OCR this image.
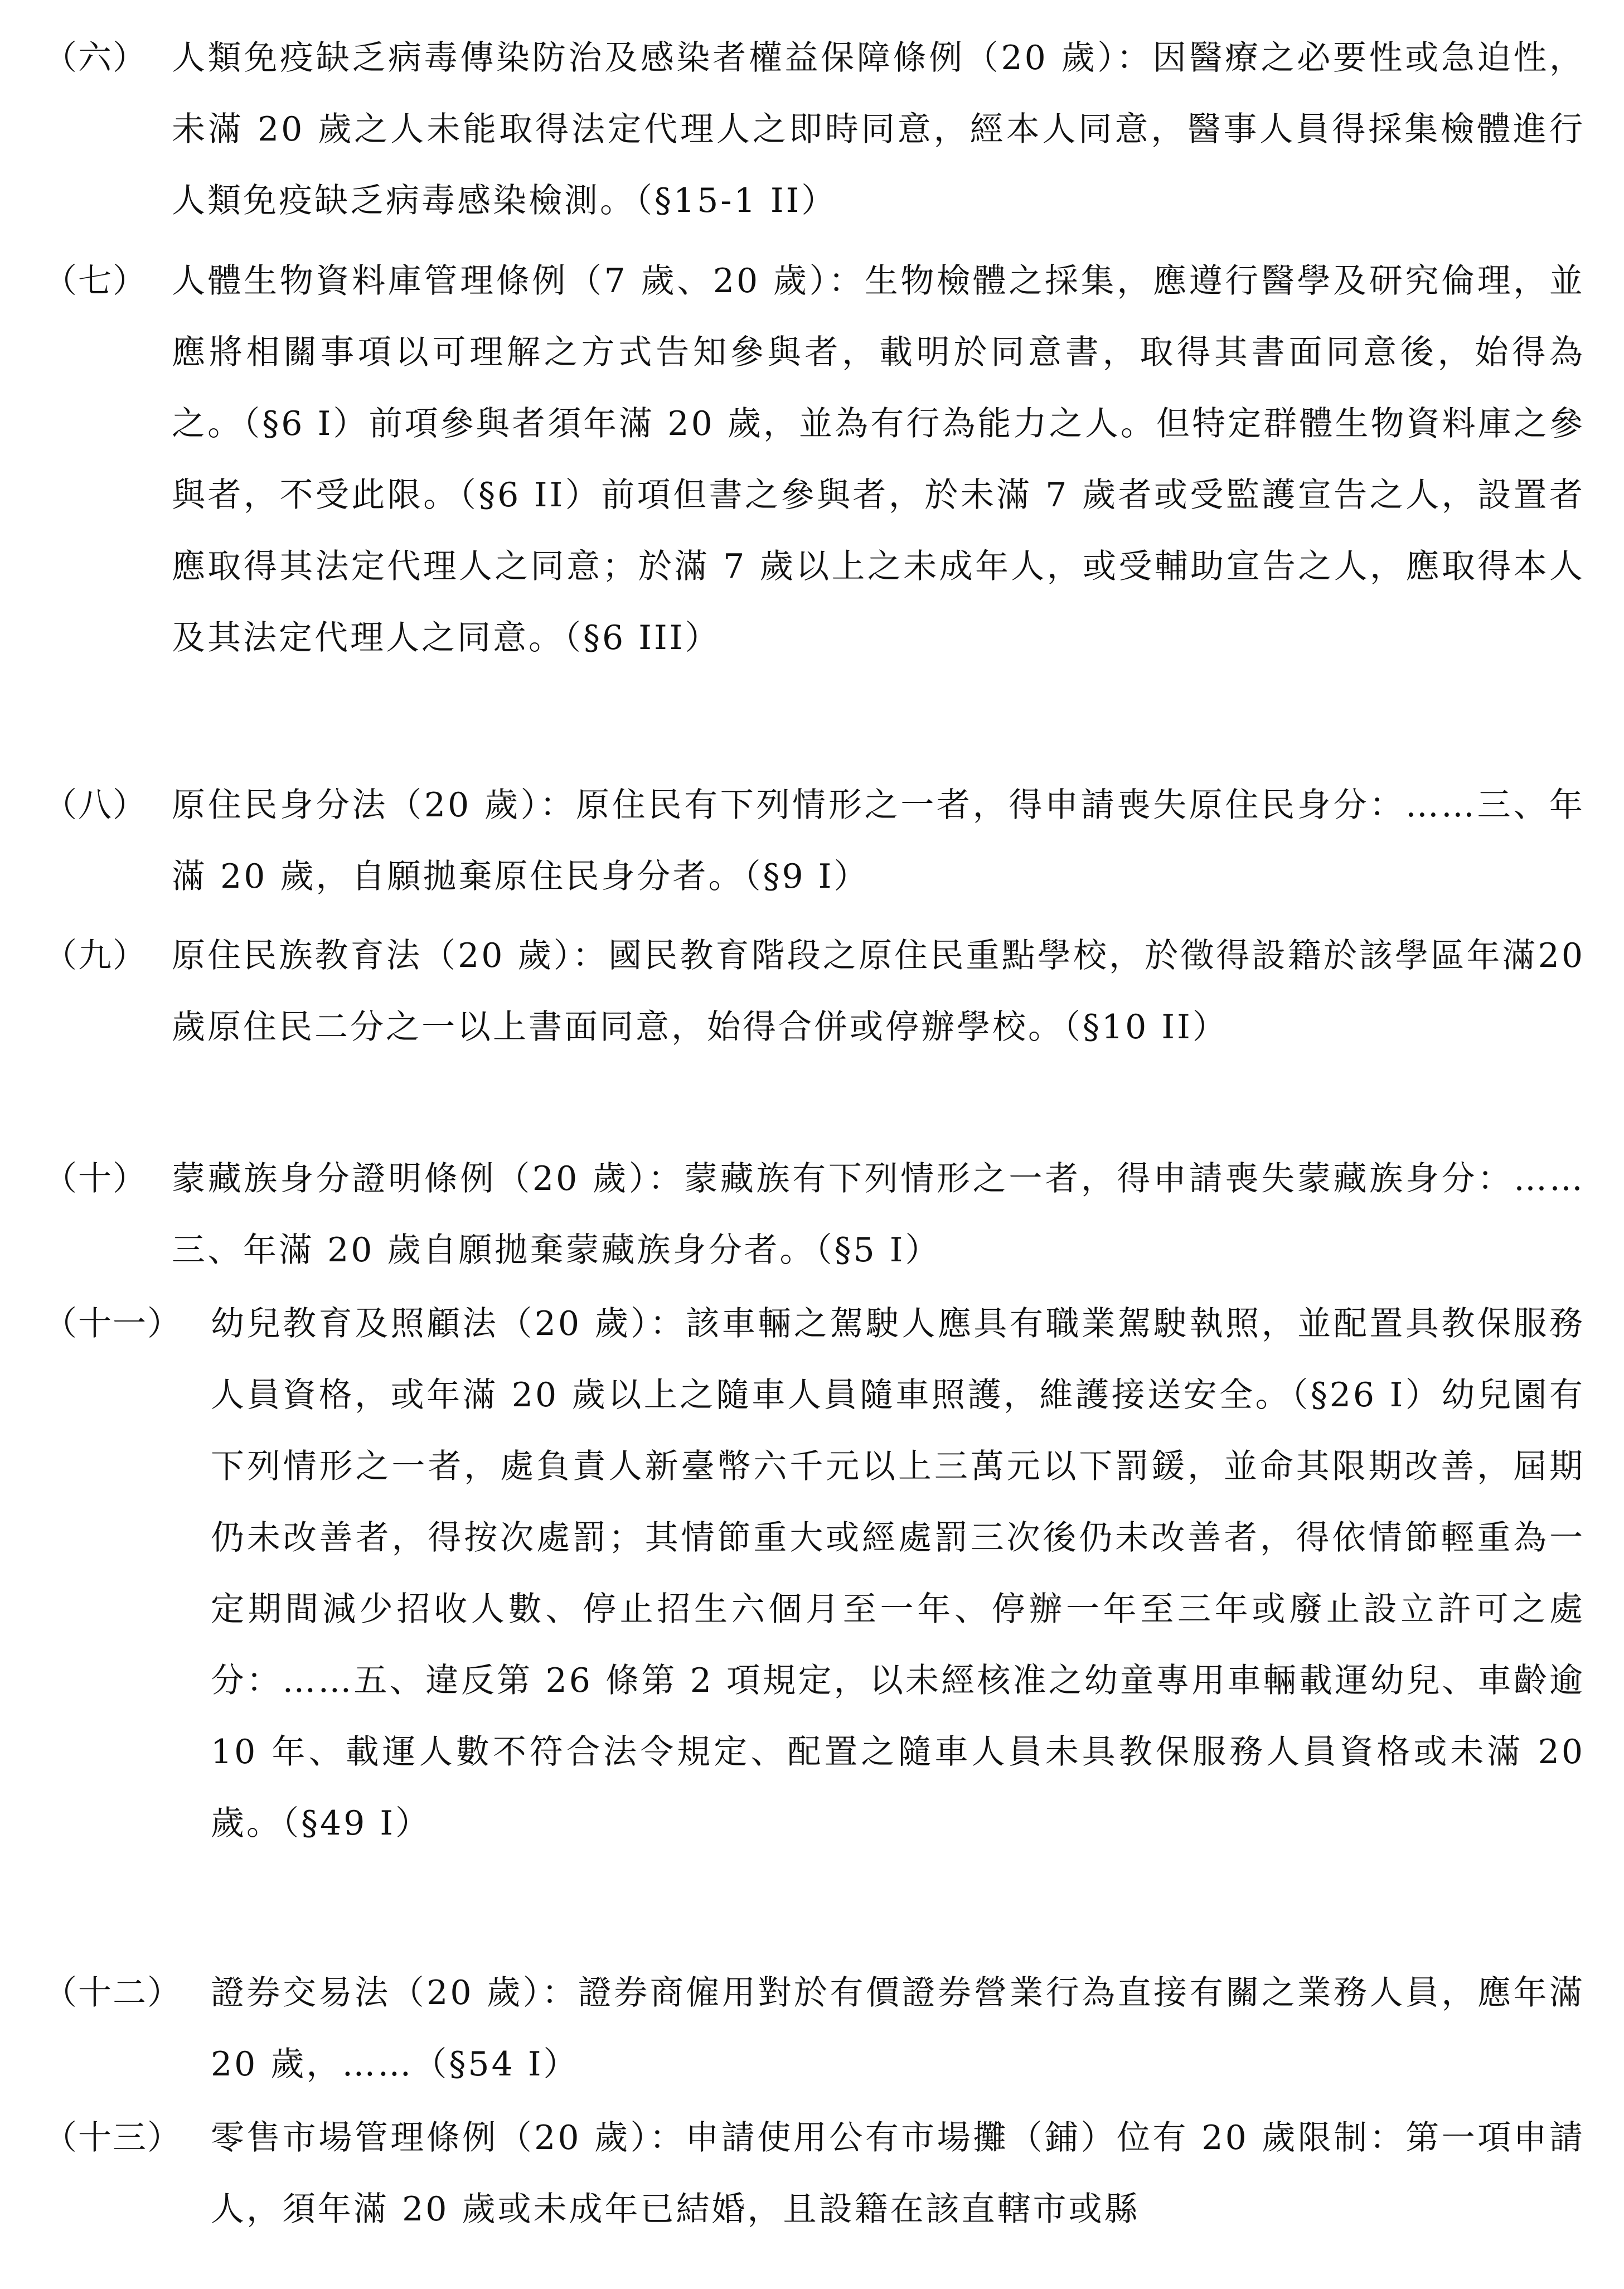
（六） 人類免疫缺乏病毒傳染防治及感染者權益保障條例（20 歲）：因醫療之必要性或急迫性，未滿 20 歲之人未能取得法定代理人之即時同意，經本人同意，醫事人員得採集檢體進行人類免疫缺乏病毒感染檢測。（§15-1 II）
（七） 人體生物資料庫管理條例（7 歲、20 歲）：生物檢體之採集，應遵行醫學及研究倫理，並應將相關事項以可理解之方式告知參與者，載明於同意書，取得其書面同意後，始得為之。（§6 I）前項參與者須年滿 20 歲，並為有行為能力之人。但特定群體生物資料庫之參與者，不受此限。（§6 II）前項但書之參與者，於未滿 7 歲者或受監護宣告之人，設置者應取得其法定代理人之同意；於滿 7 歲以上之未成年人，或受輔助宣告之人，應取得本人及其法定代理人之同意。（§6 III）
（八） 原住民身分法（20 歲）：原住民有下列情形之一者，得申請喪失原住民身分：……三、年滿 20 歲，自願拋棄原住民身分者。（§9 I）
（九） 原住民族教育法（20 歲）：國民教育階段之原住民重點學校，於徵得設籍於該學區年滿20歲原住民二分之一以上書面同意，始得合併或停辦學校。（§10 II）
（十） 蒙藏族身分證明條例（20 歲）：蒙藏族有下列情形之一者，得申請喪失蒙藏族身分：……三、年滿 20 歲自願拋棄蒙藏族身分者。（§5 I）
（十一） 幼兒教育及照顧法（20 歲）：該車輛之駕駛人應具有職業駕駛執照，並配置具教保服務人員資格，或年滿 20 歲以上之隨車人員隨車照護，維護接送安全。（§26 I）幼兒園有下列情形之一者，處負責人新臺幣六千元以上三萬元以下罰鍰，並命其限期改善，屆期仍未改善者，得按次處罰；其情節重大或經處罰三次後仍未改善者，得依情節輕重為一定期間減少招收人數、停止招生六個月至一年、停辦一年至三年或廢止設立許可之處分：……五、違反第 26 條第 2 項規定，以未經核准之幼童專用車輛載運幼兒、車齡逾 10 年、載運人數不符合法令規定、配置之隨車人員未具教保服務人員資格或未滿 20 歲。（§49 I）
（十二） 證券交易法（20 歲）：證券商僱用對於有價證券營業行為直接有關之業務人員，應年滿 20 歲，……（§54 I）
（十三） 零售市場管理條例（20 歲）：申請使用公有市場攤（鋪）位有 20 歲限制：第一項申請人，須年滿 20 歲或未成年已結婚，且設籍在該直轄市或縣
